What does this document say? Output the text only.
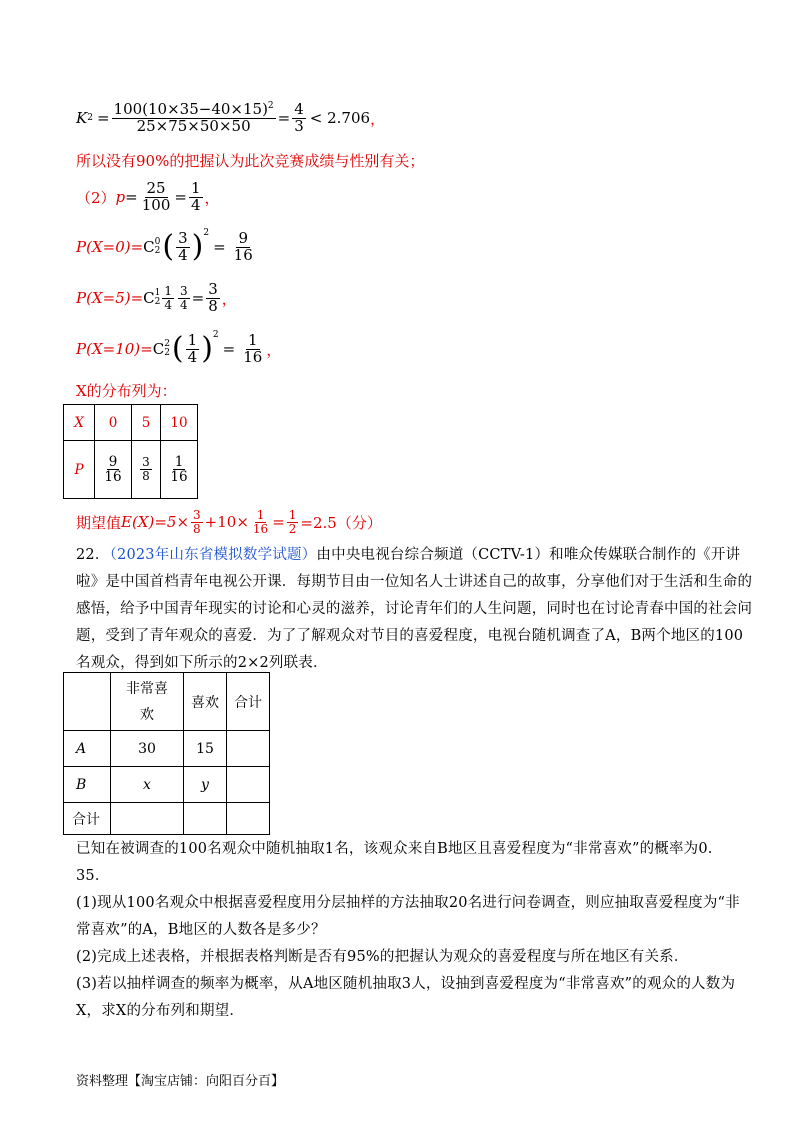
K $2 = \frac{100(10\times 35-40\times 15)^2}{25\times 75\times 50\times 50} = \frac{4}{3} < 2.706$ ，
所以没有90%的把握认为此次竞赛成绩与性别有关；
（2） $p = \frac{25}{100} = \frac{1}{4}$ ，
P(X=0)= C 0
2 ( $\frac{3}{4} )^2$
= $\frac{9}{16}$
P(X=5)= C 1
$2 \frac{1}{4} \frac{3}{4} = \frac{3}{8}$ ，
P(X=10)= C 2
2 ( $\frac{1}{4} )^2$
= $\frac{1}{16}$ ，
X的分布列为：
X	0	5	10
P	$\frac{9}{16}$	$\frac{3}{8}$	$\frac{1}{16}$
期望值 $E(X)=5\times \frac{3}{8} +10\times \frac{1}{16} = \frac{1}{2} =2.5$（分）
22．（2023年山东省模拟数学试题）由中央电视台综合频道（CCTV-1）和唯众传媒联合制作的《开讲
啦》是中国首档青年电视公开课．每期节目由一位知名人士讲述自己的故事，分享他们对于生活和生命的
感悟，给予中国青年现实的讨论和心灵的滋养，讨论青年们的人生问题，同时也在讨论青春中国的社会问
题，受到了青年观众的喜爱．为了了解观众对节目的喜爱程度，电视台随机调查了A，B两个地区的100
名观众，得到如下所示的2×2列联表．
	非常喜欢	喜欢	合计
A	30	15	
B	x	y	
合计			
已知在被调查的100名观众中随机抽取1名，该观众来自B地区且喜爱程度为“非常喜欢”的概率为0.
35．
(1)现从100名观众中根据喜爱程度用分层抽样的方法抽取20名进行问卷调查，则应抽取喜爱程度为“非
常喜欢”的A，B地区的人数各是多少？
(2)完成上述表格，并根据表格判断是否有95%的把握认为观众的喜爱程度与所在地区有关系．
(3)若以抽样调查的频率为概率，从A地区随机抽取3人，设抽到喜爱程度为“非常喜欢”的观众的人数为
X，求X的分布列和期望．
资料整理【淘宝店铺：向阳百分百】
